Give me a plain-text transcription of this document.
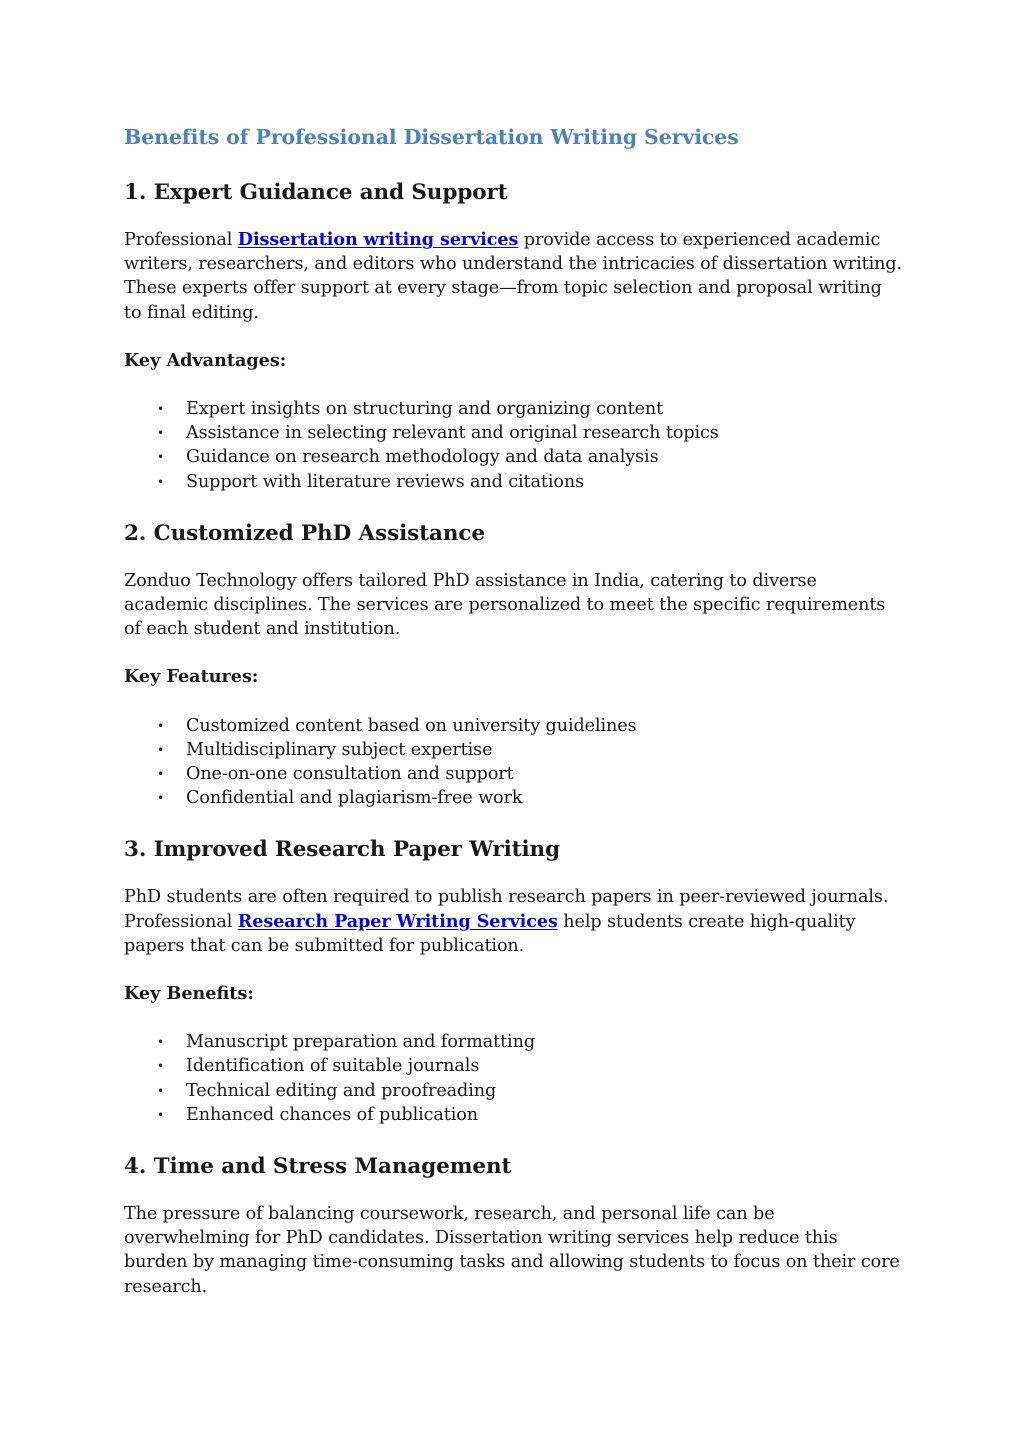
Benefits of Professional Dissertation Writing Services
1. Expert Guidance and Support

Professional Dissertation writing services provide access to experienced academic writers, researchers, and editors who understand the intricacies of dissertation writing. These experts offer support at every stage—from topic selection and proposal writing to final editing.

Key Advantages:
• Expert insights on structuring and organizing content
• Assistance in selecting relevant and original research topics
• Guidance on research methodology and data analysis
• Support with literature reviews and citations
2. Customized PhD Assistance

Zonduo Technology offers tailored PhD assistance in India, catering to diverse academic disciplines. The services are personalized to meet the specific requirements of each student and institution.

Key Features:
• Customized content based on university guidelines
• Multidisciplinary subject expertise
• One-on-one consultation and support
• Confidential and plagiarism-free work
3. Improved Research Paper Writing

PhD students are often required to publish research papers in peer-reviewed journals. Professional Research Paper Writing Services help students create high-quality papers that can be submitted for publication.

Key Benefits:
• Manuscript preparation and formatting
• Identification of suitable journals
• Technical editing and proofreading
• Enhanced chances of publication
4. Time and Stress Management

The pressure of balancing coursework, research, and personal life can be overwhelming for PhD candidates. Dissertation writing services help reduce this burden by managing time-consuming tasks and allowing students to focus on their core research.
